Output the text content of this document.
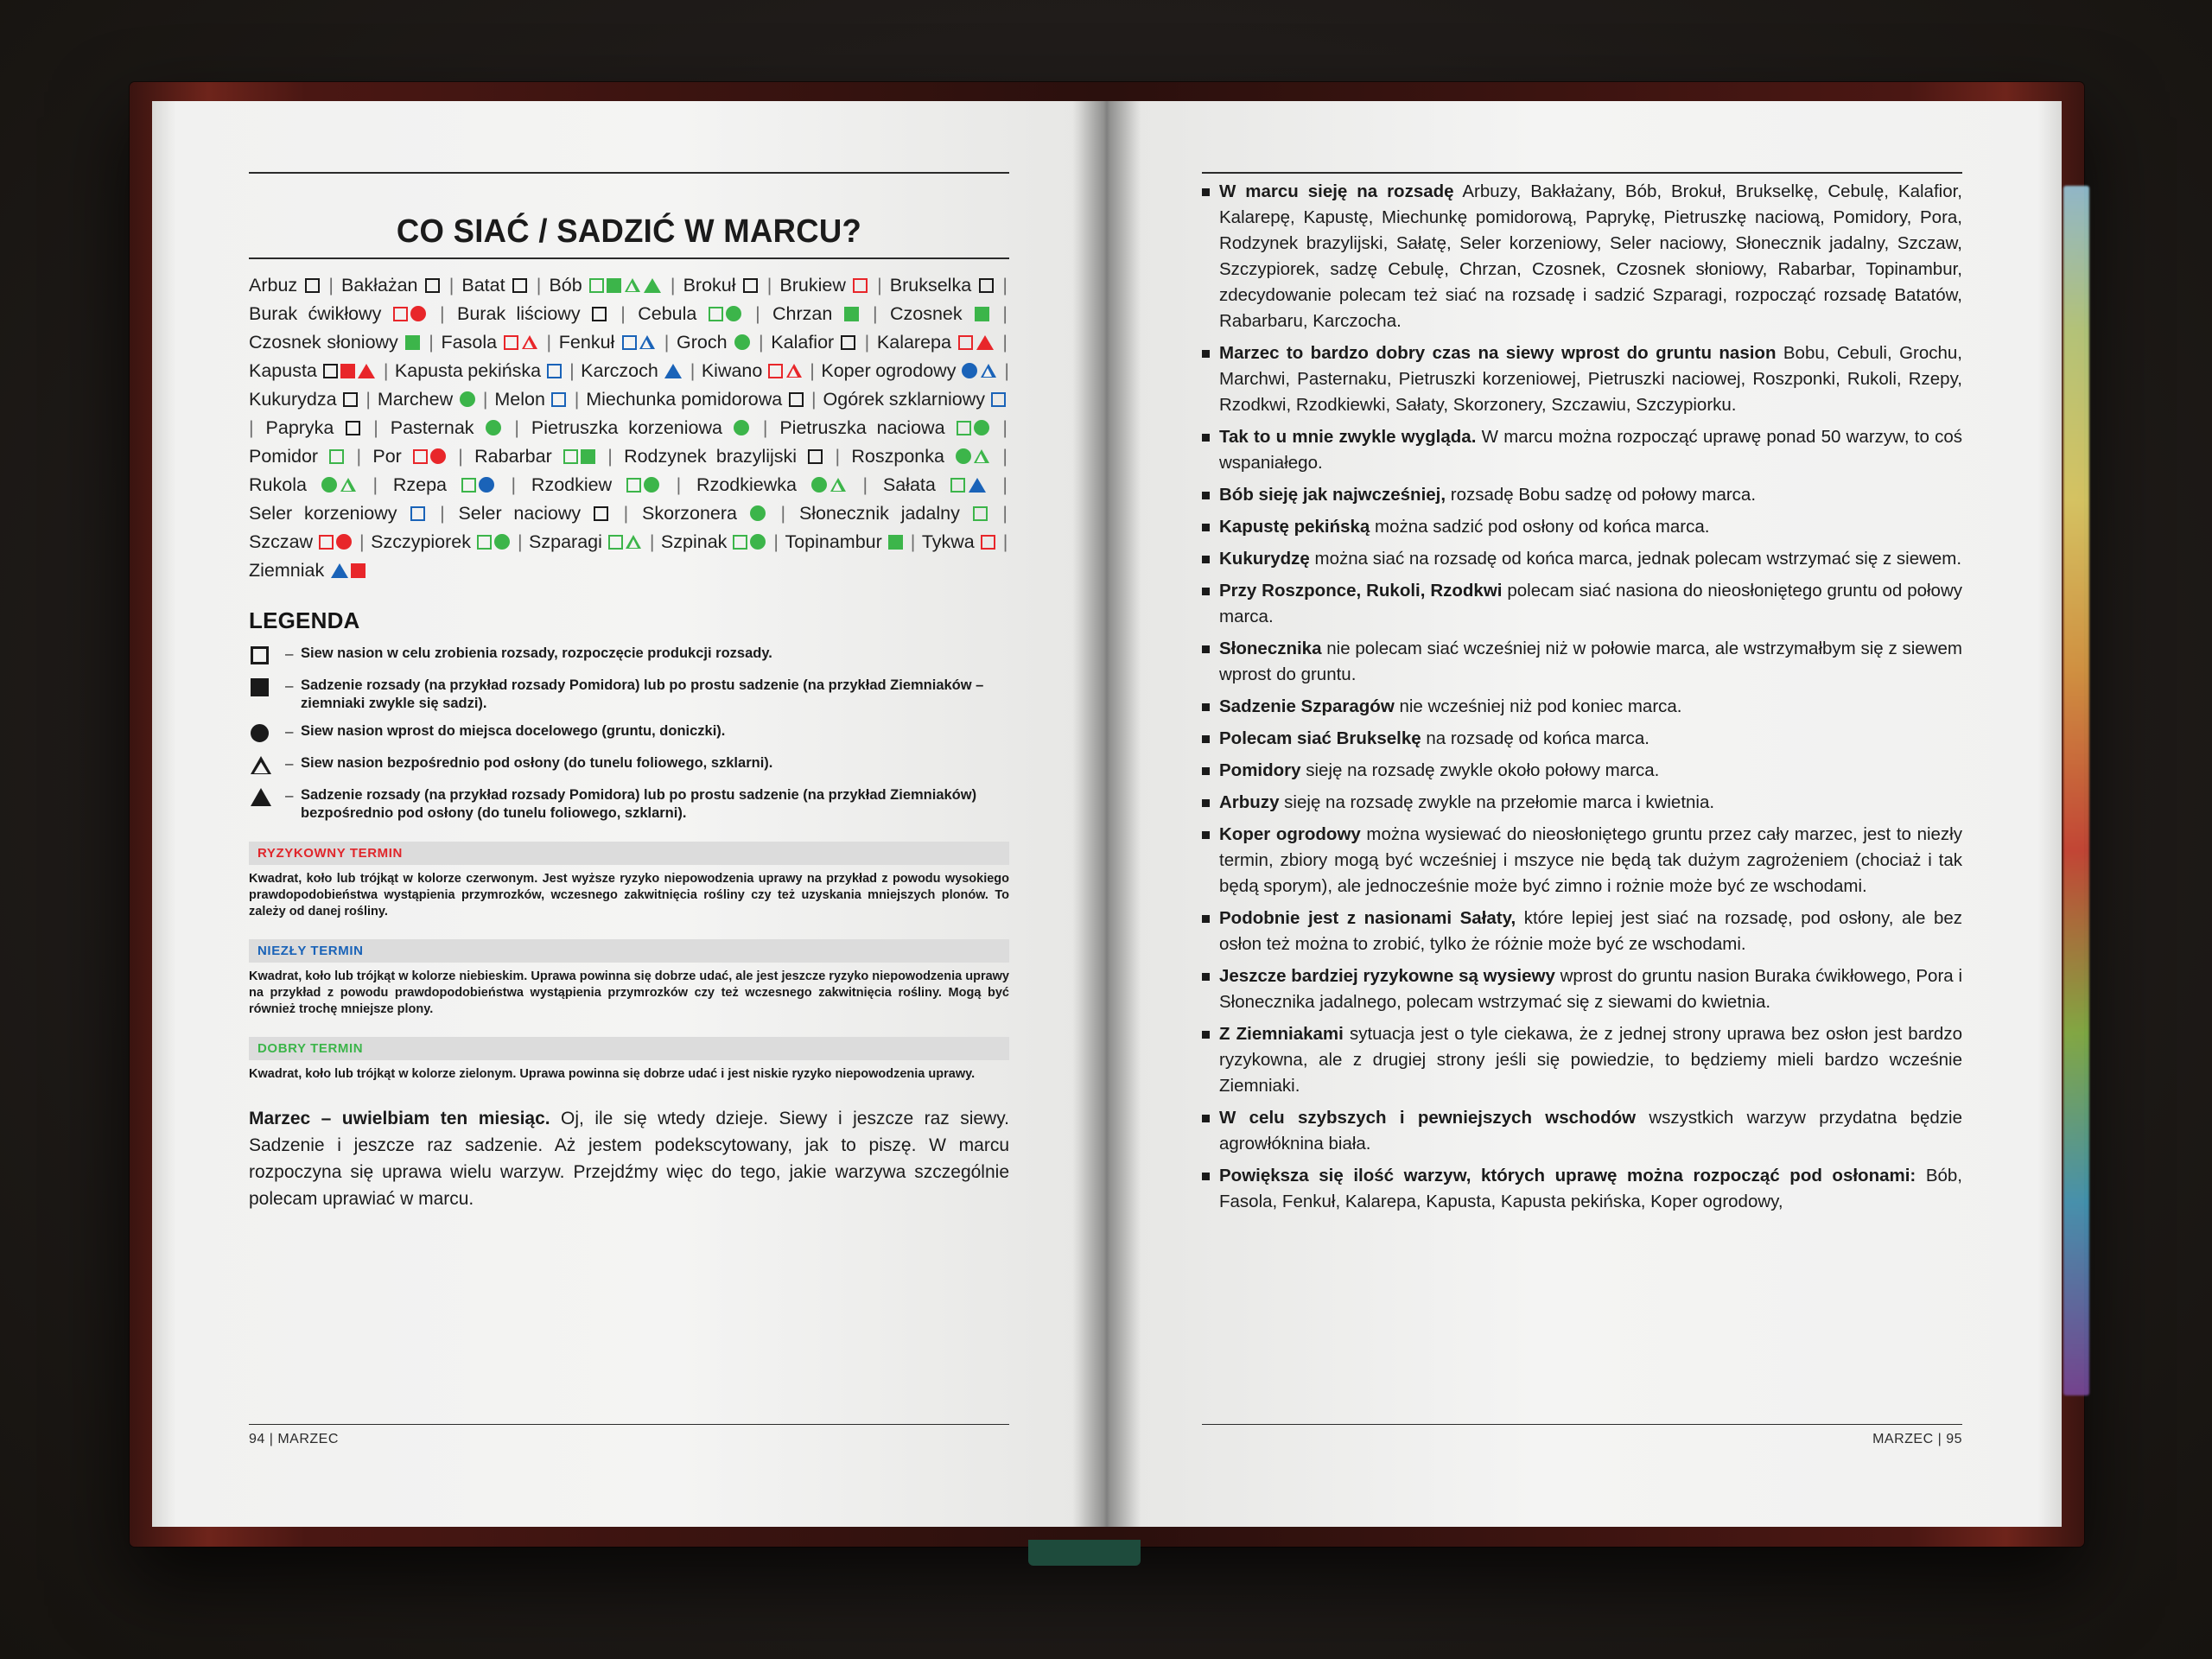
CO SIAĆ / SADZIĆ W MARCU?
Arbuz  | Bakłażan  | Batat  | Bób	| Brokuł  | Brukiew  | Brukselka  | Burak ćwikłowy  | Burak liściowy  | Cebula  | Chrzan  | Czosnek  | Czosnek słoniowy  | Fasola  | Fenkuł  | Groch  | Kalafior  | Kalarepa  | Kapusta	| Kapusta pekińska  | Karczoch  | Kiwano  | Koper ogrodowy  | Kukurydza  | Marchew  | Melon  | Miechunka pomidorowa  | Ogórek szklarniowy  | Papryka  | Pasternak  | Pietruszka korzeniowa  | Pietruszka naciowa  | Pomidor  | Por  | Rabarbar  | Rodzynek brazylijski  | Roszponka  | Rukola  | Rzepa  | Rzodkiew  | Rzodkiewka  | Sałata  | Seler korzeniowy  | Seler naciowy  | Skorzonera  | Słonecznik jadalny  | Szczaw  | Szczypiorek  | Szparagi  | Szpinak  | Topinambur  | Tykwa  | Ziemniak
LEGENDA
– Siew nasion w celu zrobienia rozsady, rozpoczęcie produkcji rozsady.
– Sadzenie rozsady (na przykład rozsady Pomidora) lub po prostu sadzenie (na przykład Ziemniaków – ziemniaki zwykle się sadzi).
– Siew nasion wprost do miejsca docelowego (gruntu, doniczki).
– Siew nasion bezpośrednio pod osłony (do tunelu foliowego, szklarni).
– Sadzenie rozsady (na przykład rozsady Pomidora) lub po prostu sadzenie (na przykład Ziemniaków) bezpośrednio pod osłony (do tunelu foliowego, szklarni).
RYZYKOWNY TERMIN
Kwadrat, koło lub trójkąt w kolorze czerwonym. Jest wyższe ryzyko niepowodzenia uprawy na przykład z powodu wysokiego prawdopodobieństwa wystąpienia przymrozków, wczesnego zakwitnięcia rośliny czy też uzyskania mniejszych plonów. To zależy od danej rośliny.
NIEZŁY TERMIN
Kwadrat, koło lub trójkąt w kolorze niebieskim. Uprawa powinna się dobrze udać, ale jest jeszcze ryzyko niepowodzenia uprawy na przykład z powodu prawdopodobieństwa wystąpienia przymrozków czy też wczesnego zakwitnięcia rośliny. Mogą być również trochę mniejsze plony.
DOBRY TERMIN
Kwadrat, koło lub trójkąt w kolorze zielonym. Uprawa powinna się dobrze udać i jest niskie ryzyko niepowodzenia uprawy.

Marzec – uwielbiam ten miesiąc. Oj, ile się wtedy dzieje. Siewy i jeszcze raz siewy. Sadzenie i jeszcze raz sadzenie. Aż jestem podekscytowany, jak to piszę. W marcu rozpoczyna się uprawa wielu warzyw. Przejdźmy więc do tego, jakie warzywa szczególnie polecam uprawiać w marcu.

94 | MARZEC
W marcu sieję na rozsadę Arbuzy, Bakłażany, Bób, Brokuł, Brukselkę, Cebulę, Kalafior, Kalarepę, Kapustę, Miechunkę pomidorową, Paprykę, Pietruszkę naciową, Pomidory, Pora, Rodzynek brazylijski, Sałatę, Seler korzeniowy, Seler naciowy, Słonecznik jadalny, Szczaw, Szczypiorek, sadzę Cebulę, Chrzan, Czosnek, Czosnek słoniowy, Rabarbar, Topinambur, zdecydowanie polecam też siać na rozsadę i sadzić Szparagi, rozpocząć rozsadę Batatów, Rabarbaru, Karczocha.
Marzec to bardzo dobry czas na siewy wprost do gruntu nasion Bobu, Cebuli, Grochu, Marchwi, Pasternaku, Pietruszki korzeniowej, Pietruszki naciowej, Roszponki, Rukoli, Rzepy, Rzodkwi, Rzodkiewki, Sałaty, Skorzonery, Szczawiu, Szczypiorku.
Tak to u mnie zwykle wygląda. W marcu można rozpocząć uprawę ponad 50 warzyw, to coś wspaniałego.
Bób sieję jak najwcześniej, rozsadę Bobu sadzę od połowy marca.
Kapustę pekińską można sadzić pod osłony od końca marca.
Kukurydzę można siać na rozsadę od końca marca, jednak polecam wstrzymać się z siewem.
Przy Roszponce, Rukoli, Rzodkwi polecam siać nasiona do nieosłoniętego gruntu od połowy marca.
Słonecznika nie polecam siać wcześniej niż w połowie marca, ale wstrzymałbym się z siewem wprost do gruntu.
Sadzenie Szparagów nie wcześniej niż pod koniec marca.
Polecam siać Brukselkę na rozsadę od końca marca.
Pomidory sieję na rozsadę zwykle około połowy marca.
Arbuzy sieję na rozsadę zwykle na przełomie marca i kwietnia.
Koper ogrodowy można wysiewać do nieosłoniętego gruntu przez cały marzec, jest to niezły termin, zbiory mogą być wcześniej i mszyce nie będą tak dużym zagrożeniem (chociaż i tak będą sporym), ale jednocześnie może być zimno i rożnie może być ze wschodami.
Podobnie jest z nasionami Sałaty, które lepiej jest siać na rozsadę, pod osłony, ale bez osłon też można to zrobić, tylko że różnie może być ze wschodami.
Jeszcze bardziej ryzykowne są wysiewy wprost do gruntu nasion Buraka ćwikłowego, Pora i Słonecznika jadalnego, polecam wstrzymać się z siewami do kwietnia.
Z Ziemniakami sytuacja jest o tyle ciekawa, że z jednej strony uprawa bez osłon jest bardzo ryzykowna, ale z drugiej strony jeśli się powiedzie, to będziemy mieli bardzo wcześnie Ziemniaki.
W celu szybszych i pewniejszych wschodów wszystkich warzyw przydatna będzie agrowłóknina biała.
Powiększa się ilość warzyw, których uprawę można rozpocząć pod osłonami: Bób, Fasola, Fenkuł, Kalarepa, Kapusta, Kapusta pekińska, Koper ogrodowy,
MARZEC | 95
